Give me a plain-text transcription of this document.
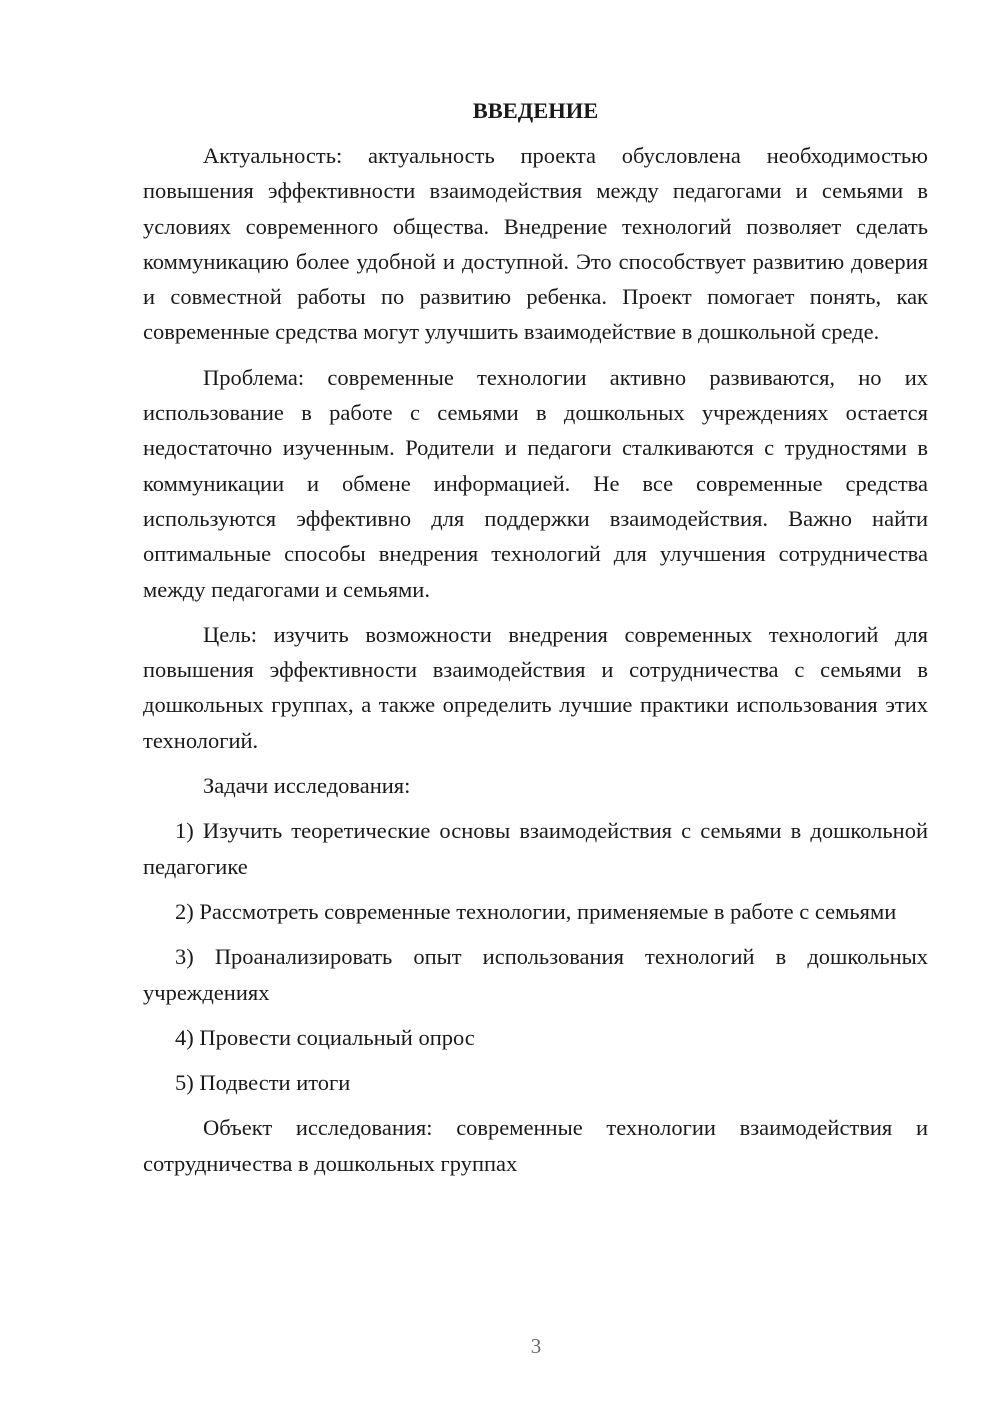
ВВЕДЕНИЕ

Актуальность: актуальность проекта обусловлена необходимостью повышения эффективности взаимодействия между педагогами и семьями в условиях современного общества. Внедрение технологий позволяет сделать коммуникацию более удобной и доступной. Это способствует развитию доверия и совместной работы по развитию ребенка. Проект помогает понять, как современные средства могут улучшить взаимодействие в дошкольной среде.

Проблема: современные технологии активно развиваются, но их использование в работе с семьями в дошкольных учреждениях остается недостаточно изученным. Родители и педагоги сталкиваются с трудностями в коммуникации и обмене информацией. Не все современные средства используются эффективно для поддержки взаимодействия. Важно найти оптимальные способы внедрения технологий для улучшения сотрудничества между педагогами и семьями.

Цель: изучить возможности внедрения современных технологий для повышения эффективности взаимодействия и сотрудничества с семьями в дошкольных группах, а также определить лучшие практики использования этих технологий.

Задачи исследования:

1) Изучить теоретические основы взаимодействия с семьями в дошкольной педагогике
2) Рассмотреть современные технологии, применяемые в работе с семьями
3) Проанализировать опыт использования технологий в дошкольных учреждениях
4) Провести социальный опрос
5) Подвести итоги

Объект исследования: современные технологии взаимодействия и сотрудничества в дошкольных группах

3
